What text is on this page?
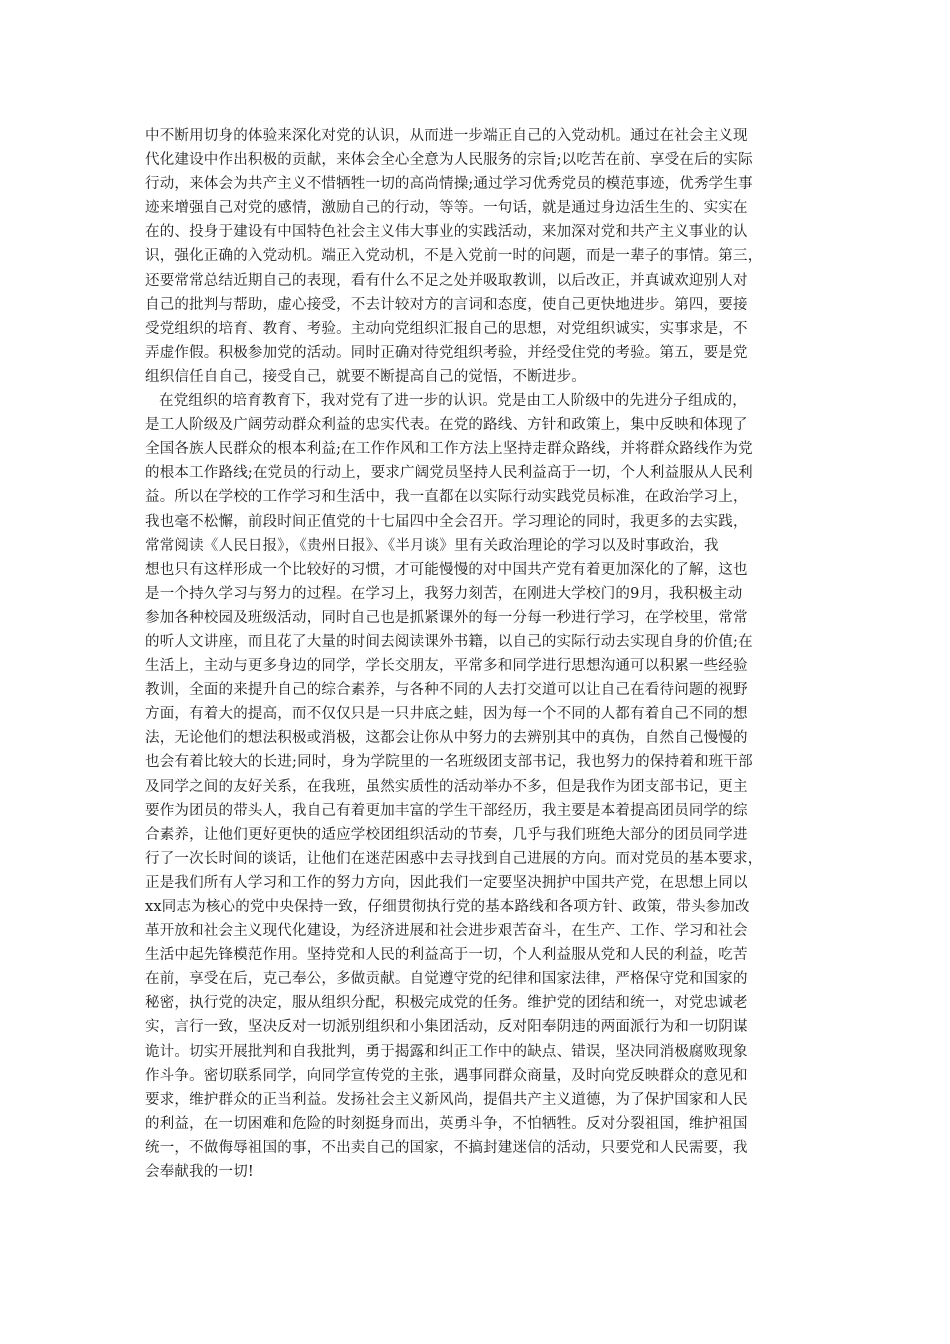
中不断用切身的体验来深化对党的认识，从而进一步端正自己的入党动机。通过在社会主义现
代化建设中作出积极的贡献，来体会全心全意为人民服务的宗旨;以吃苦在前、享受在后的实际
行动，来体会为共产主义不惜牺牲一切的高尚情操;通过学习优秀党员的模范事迹，优秀学生事
迹来增强自己对党的感情，激励自己的行动，等等。一句话，就是通过身边活生生的、实实在
在的、投身于建设有中国特色社会主义伟大事业的实践活动，来加深对党和共产主义事业的认
识，强化正确的入党动机。端正入党动机，不是入党前一时的问题，而是一辈子的事情。第三，
还要常常总结近期自己的表现，看有什么不足之处并吸取教训，以后改正，并真诚欢迎别人对
自己的批判与帮助，虚心接受，不去计较对方的言词和态度，使自己更快地进步。第四，要接
受党组织的培育、教育、考验。主动向党组织汇报自己的思想，对党组织诚实，实事求是，不
弄虚作假。积极参加党的活动。同时正确对待党组织考验，并经受住党的考验。第五，要是党
组织信任自自己，接受自己，就要不断提高自己的觉悟，不断进步。
在党组织的培育教育下，我对党有了进一步的认识。党是由工人阶级中的先进分子组成的，
是工人阶级及广阔劳动群众利益的忠实代表。在党的路线、方针和政策上，集中反映和体现了
全国各族人民群众的根本利益;在工作作风和工作方法上坚持走群众路线，并将群众路线作为党
的根本工作路线;在党员的行动上，要求广阔党员坚持人民利益高于一切，个人利益服从人民利
益。所以在学校的工作学习和生活中，我一直都在以实际行动实践党员标准，在政治学习上，
我也毫不松懈，前段时间正值党的十七届四中全会召开。学习理论的同时，我更多的去实践，
常常阅读《人民日报》，《贵州日报》、《半月谈》里有关政治理论的学习以及时事政治，我
想也只有这样形成一个比较好的习惯，才可能慢慢的对中国共产党有着更加深化的了解，这也
是一个持久学习与努力的过程。在学习上，我努力刻苦，在刚进大学校门的9月，我积极主动
参加各种校园及班级活动，同时自己也是抓紧课外的每一分每一秒进行学习，在学校里，常常
的听人文讲座，而且花了大量的时间去阅读课外书籍，以自己的实际行动去实现自身的价值;在
生活上，主动与更多身边的同学，学长交朋友，平常多和同学进行思想沟通可以积累一些经验
教训，全面的来提升自己的综合素养，与各种不同的人去打交道可以让自己在看待问题的视野
方面，有着大的提高，而不仅仅只是一只井底之蛙，因为每一个不同的人都有着自己不同的想
法，无论他们的想法积极或消极，这都会让你从中努力的去辨别其中的真伪，自然自己慢慢的
也会有着比较大的长进;同时，身为学院里的一名班级团支部书记，我也努力的保持着和班干部
及同学之间的友好关系，在我班，虽然实质性的活动举办不多，但是我作为团支部书记，更主
要作为团员的带头人，我自己有着更加丰富的学生干部经历，我主要是本着提高团员同学的综
合素养，让他们更好更快的适应学校团组织活动的节奏，几乎与我们班绝大部分的团员同学进
行了一次长时间的谈话，让他们在迷茫困惑中去寻找到自己进展的方向。而对党员的基本要求，
正是我们所有人学习和工作的努力方向，因此我们一定要坚决拥护中国共产党，在思想上同以
xx同志为核心的党中央保持一致，仔细贯彻执行党的基本路线和各项方针、政策，带头参加改
革开放和社会主义现代化建设，为经济进展和社会进步艰苦奋斗，在生产、工作、学习和社会
生活中起先锋模范作用。坚持党和人民的利益高于一切，个人利益服从党和人民的利益，吃苦
在前，享受在后，克己奉公，多做贡献。自觉遵守党的纪律和国家法律，严格保守党和国家的
秘密，执行党的决定，服从组织分配，积极完成党的任务。维护党的团结和统一，对党忠诚老
实，言行一致，坚决反对一切派别组织和小集团活动，反对阳奉阴违的两面派行为和一切阴谋
诡计。切实开展批判和自我批判，勇于揭露和纠正工作中的缺点、错误，坚决同消极腐败现象
作斗争。密切联系同学，向同学宣传党的主张，遇事同群众商量，及时向党反映群众的意见和
要求，维护群众的正当利益。发扬社会主义新风尚，提倡共产主义道德，为了保护国家和人民
的利益，在一切困难和危险的时刻挺身而出，英勇斗争，不怕牺牲。反对分裂祖国，维护祖国
统一，不做侮辱祖国的事，不出卖自己的国家，不搞封建迷信的活动，只要党和人民需要，我
会奉献我的一切!
